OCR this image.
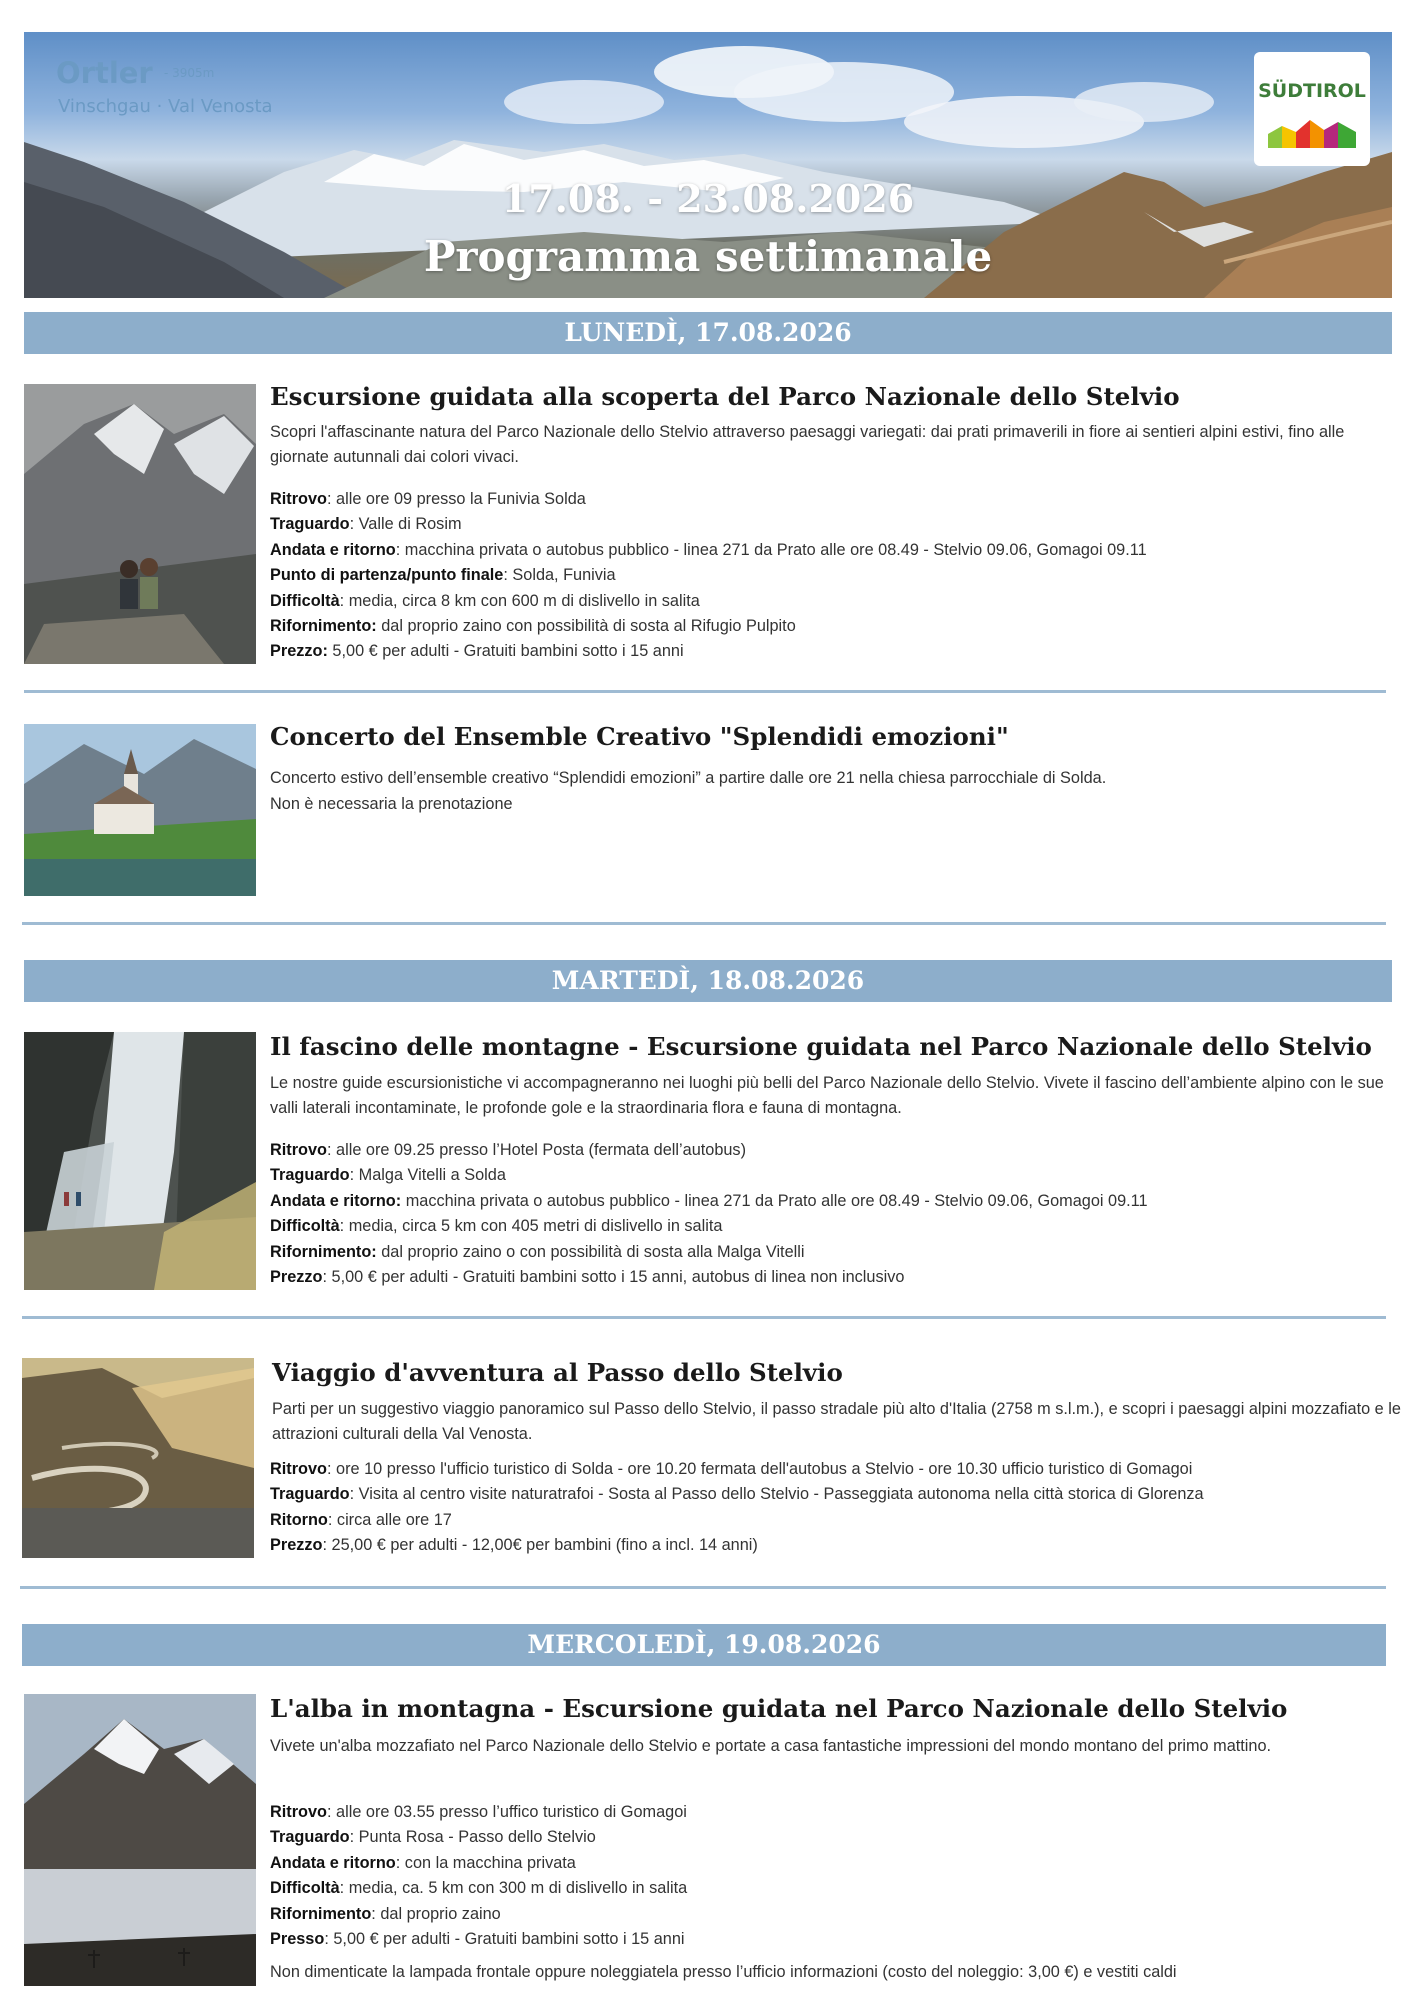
Ortler - 3905m
Vinschgau · Val Venosta
SÜDTIROL
17.08. - 23.08.2026
Programma settimanale
LUNEDÌ, 17.08.2026
Escursione guidata alla scoperta del Parco Nazionale dello Stelvio
Scopri l'affascinante natura del Parco Nazionale dello Stelvio attraverso paesaggi variegati: dai prati primaverili in fiore ai sentieri alpini estivi, fino alle giornate autunnali dai colori vivaci.
Ritrovo: alle ore 09 presso la Funivia Solda
Traguardo: Valle di Rosim
Andata e ritorno: macchina privata o autobus pubblico - linea 271 da Prato alle ore 08.49 - Stelvio 09.06, Gomagoi 09.11
Punto di partenza/punto finale: Solda, Funivia
Difficoltà: media, circa 8 km con 600 m di dislivello in salita
Rifornimento: dal proprio zaino con possibilità di sosta al Rifugio Pulpito
Prezzo: 5,00 € per adulti - Gratuiti bambini sotto i 15 anni
Concerto del Ensemble Creativo "Splendidi emozioni"
Concerto estivo dell’ensemble creativo “Splendidi emozioni” a partire dalle ore 21 nella chiesa parrocchiale di Solda.
Non è necessaria la prenotazione
MARTEDÌ, 18.08.2026
Il fascino delle montagne - Escursione guidata nel Parco Nazionale dello Stelvio
Le nostre guide escursionistiche vi accompagneranno nei luoghi più belli del Parco Nazionale dello Stelvio. Vivete il fascino dell’ambiente alpino con le sue valli laterali incontaminate, le profonde gole e la straordinaria flora e fauna di montagna.
Ritrovo: alle ore 09.25 presso l’Hotel Posta (fermata dell’autobus)
Traguardo: Malga Vitelli a Solda
Andata e ritorno: macchina privata o autobus pubblico - linea 271 da Prato alle ore 08.49 - Stelvio 09.06, Gomagoi 09.11
Difficoltà: media, circa 5 km con 405 metri di dislivello in salita
Rifornimento: dal proprio zaino o con possibilità di sosta alla Malga Vitelli
Prezzo: 5,00 € per adulti - Gratuiti bambini sotto i 15 anni, autobus di linea non inclusivo
Viaggio d'avventura al Passo dello Stelvio
Parti per un suggestivo viaggio panoramico sul Passo dello Stelvio, il passo stradale più alto d'Italia (2758 m s.l.m.), e scopri i paesaggi alpini mozzafiato e le attrazioni culturali della Val Venosta.
Ritrovo: ore 10 presso l'ufficio turistico di Solda - ore 10.20 fermata dell'autobus a Stelvio - ore 10.30 ufficio turistico di Gomagoi
Traguardo: Visita al centro visite naturatrafoi - Sosta al Passo dello Stelvio - Passeggiata autonoma nella città storica di Glorenza
Ritorno: circa alle ore 17
Prezzo: 25,00 € per adulti - 12,00€ per bambini (fino a incl. 14 anni)
MERCOLEDÌ, 19.08.2026
L'alba in montagna - Escursione guidata nel Parco Nazionale dello Stelvio
Vivete un'alba mozzafiato nel Parco Nazionale dello Stelvio e portate a casa fantastiche impressioni del mondo montano del primo mattino.
Ritrovo: alle ore 03.55 presso l’uffico turistico di Gomagoi
Traguardo: Punta Rosa - Passo dello Stelvio
Andata e ritorno: con la macchina privata
Difficoltà: media, ca. 5 km con 300 m di dislivello in salita
Rifornimento: dal proprio zaino
Presso: 5,00 € per adulti - Gratuiti bambini sotto i 15 anni
Non dimenticate la lampada frontale oppure noleggiatela presso l’ufficio informazioni (costo del noleggio: 3,00 €) e vestiti caldi
